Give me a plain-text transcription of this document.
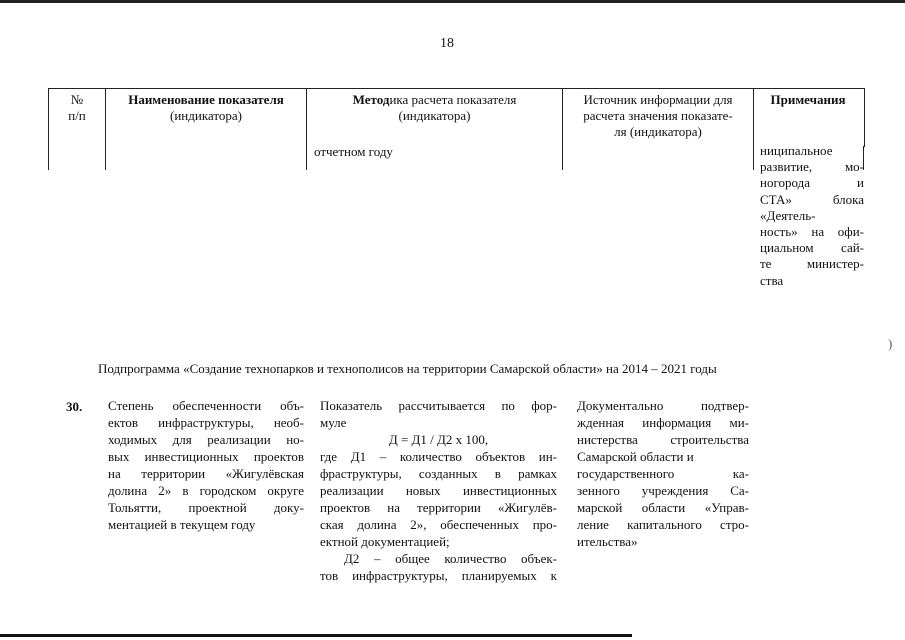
18
№
п/п
Наименование показателя
(индикатора)
Методика расчета показателя
(индикатора)
Источник информации для
расчета значения показате-
ля (индикатора)
Примечания
отчетном году	ниципальное
развитие, мо-
ногорода и
СТА» блока
«Деятель-
ность» на офи-
циальном сай-
те министер-
ства
)
Подпрограмма «Создание технопарков и технополисов на территории Самарской области» на 2014 – 2021 годы
30. Степень обеспеченности объ-
ектов инфраструктуры, необ-
ходимых для реализации но-
вых инвестиционных проектов
на территории «Жигулёвская
долина 2» в городском округе
Тольятти, проектной доку-
ментацией в текущем году
Показатель рассчитывается по фор-
муле
Д = Д1 / Д2 х 100,
где Д1 – количество объектов ин-
фраструктуры, созданных в рамках
реализации новых инвестиционных
проектов на территории «Жигулёв-
ская долина 2», обеспеченных про-
ектной документацией;
Д2 – общее количество объек-
тов инфраструктуры, планируемых к
Документально подтвер-
жденная информация ми-
нистерства строительства
Самарской области и
государственного ка-
зенного учреждения Са-
марской области «Управ-
ление капитального стро-
ительства»
